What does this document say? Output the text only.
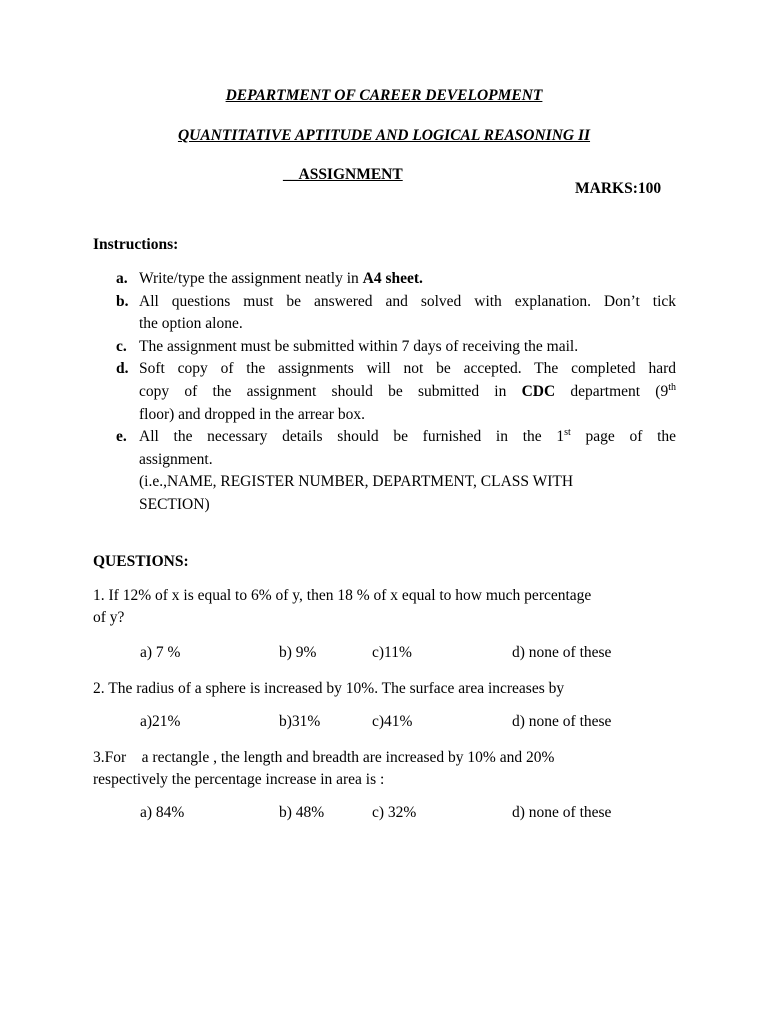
DEPARTMENT OF CAREER DEVELOPMENT
QUANTITATIVE APTITUDE AND LOGICAL REASONING II
__ASSIGNMENT
MARKS:100
Instructions:
a. Write/type the assignment neatly in A4 sheet.
b. All questions must be answered and solved with explanation. Don’t tick
the option alone.
c. The assignment must be submitted within 7 days of receiving the mail.
d. Soft copy of the assignments will not be accepted. The completed hard
copy of the assignment should be submitted in CDC department (9th
floor) and dropped in the arrear box.
e. All the necessary details should be furnished in the 1st page of the
assignment.
(i.e.,NAME, REGISTER NUMBER, DEPARTMENT, CLASS WITH
SECTION)
QUESTIONS:
1. If 12% of x is equal to 6% of y, then 18 % of x equal to how much percentage
of y?
a) 7 %	b) 9%	c)11%	d) none of these
2. The radius of a sphere is increased by 10%. The surface area increases by
a)21%	b)31%	c)41%	d) none of these
3.For    a rectangle , the length and breadth are increased by 10% and 20%
respectively the percentage increase in area is :
a) 84%	b) 48%	c) 32%	d) none of these
